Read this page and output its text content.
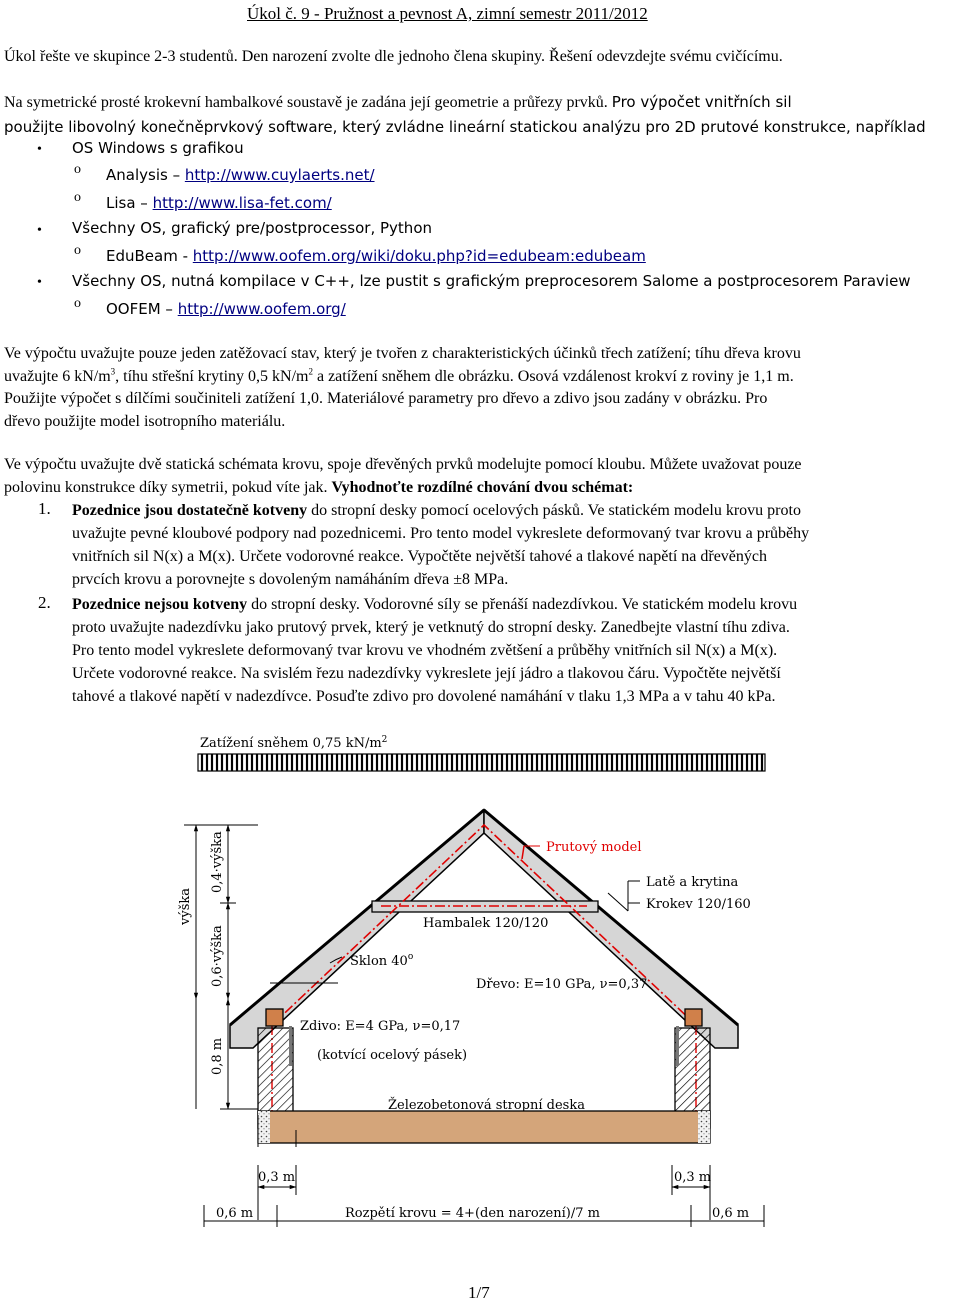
Úkol č. 9 - Pružnost a pevnost A, zimní semestr 2011/2012
Úkol řešte ve skupince 2-3 studentů. Den narození zvolte dle jednoho člena skupiny. Řešení odevzdejte svému cvičícímu.
Na symetrické prosté krokevní hambalkové soustavě je zadána její geometrie a průřezy prvků. Pro výpočet vnitřních sil
použijte libovolný konečněprvkový software, který zvládne lineární statickou analýzu pro 2D prutové konstrukce, například
• OS Windows s grafikou
o Analysis – http://www.cuylaerts.net/
o Lisa – http://www.lisa-fet.com/
• Všechny OS, grafický pre/postprocessor, Python
o EduBeam - http://www.oofem.org/wiki/doku.php?id=edubeam:edubeam
• Všechny OS, nutná kompilace v C++, lze pustit s grafickým preprocesorem Salome a postprocesorem Paraview
o OOFEM – http://www.oofem.org/
Ve výpočtu uvažujte pouze jeden zatěžovací stav, který je tvořen z charakteristických účinků třech zatížení; tíhu dřeva krovu
uvažujte 6 $kN/m^3$, tíhu střešní krytiny 0,5 $kN/m^2$ a zatížení sněhem dle obrázku. Osová vzdálenost krokví z roviny je 1,1 m.
Použijte výpočet s dílčími součiniteli zatížení 1,0. Materiálové parametry pro dřevo a zdivo jsou zadány v obrázku. Pro
dřevo použijte model isotropního materiálu.
Ve výpočtu uvažujte dvě statická schémata krovu, spoje dřevěných prvků modelujte pomocí kloubu. Můžete uvažovat pouze
polovinu konstrukce díky symetrii, pokud víte jak. Vyhodnoťte rozdílné chování dvou schémat:
1. Pozednice jsou dostatečně kotveny do stropní desky pomocí ocelových pásků. Ve statickém modelu krovu proto
uvažujte pevné kloubové podpory nad pozednicemi. Pro tento model vykreslete deformovaný tvar krovu a průběhy
vnitřních sil N(x) a M(x). Určete vodorovné reakce. Vypočtěte největší tahové a tlakové napětí na dřevěných
prvcích krovu a porovnejte s dovoleným namáháním dřeva ±8 MPa.
2. Pozednice nejsou kotveny do stropní desky. Vodorovné síly se přenáší nadezdívkou. Ve statickém modelu krovu
proto uvažujte nadezdívku jako prutový prvek, který je vetknutý do stropní desky. Zanedbejte vlastní tíhu zdiva.
Pro tento model vykreslete deformovaný tvar krovu ve vhodném zvětšení a průběhy vnitřních sil N(x) a M(x).
Určete vodorovné reakce. Na svislém řezu nadezdívky vykreslete její jádro a tlakovou čáru. Vypočtěte největší
tahové a tlakové napětí v nadezdívce. Posuďte zdivo pro dovolené namáhání v tlaku 1,3 MPa a v tahu 40 kPa.
Zatížení sněhem 0,75 $kN/m^2$
výška
0,4·výška
0,6·výška
0,8 m
Hambalek 120/120
Prutový model
Latě a krytina
Krokev 120/160
Dřevo: E=10 GPa, ν=0,37
Sklon 40$^o$
Zdivo: E=4 GPa, ν=0,17
(kotvící ocelový pásek)
Železobetonová stropní deska
0,3 m	0,3 m
0,6 m	0,6 m
Rozpětí krovu = 4+(den narození)/7 m
1/7
